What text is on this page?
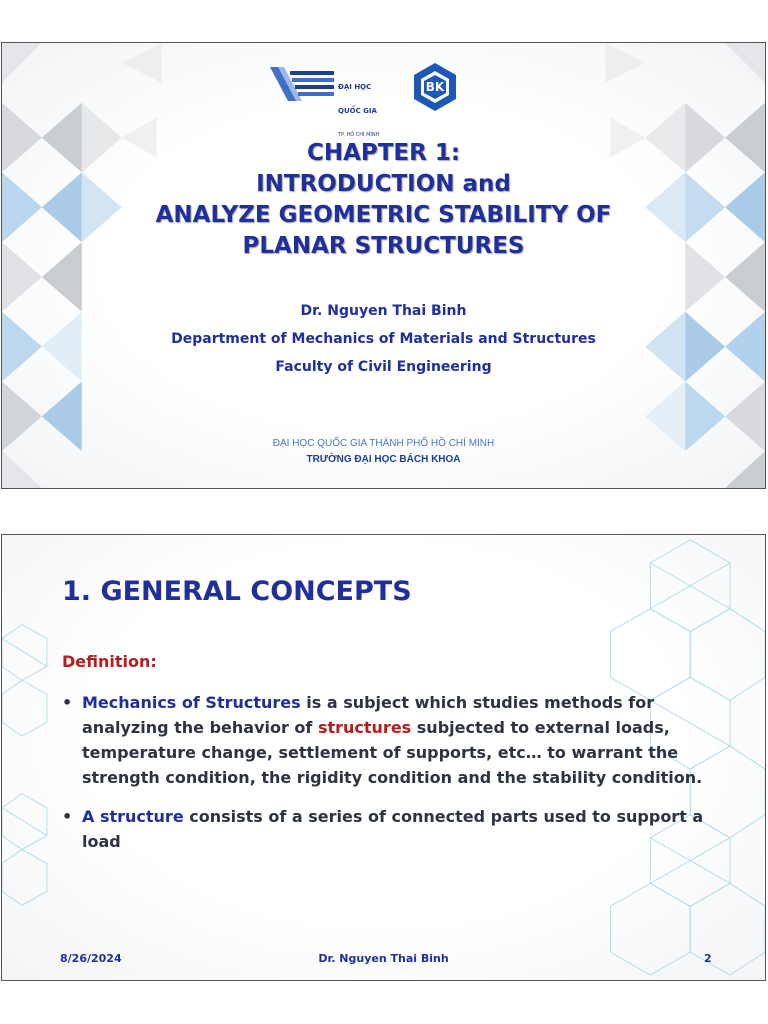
ĐẠI HỌC

QUỐC GIA

TP. HỒ CHÍ MINH

BK
CHAPTER 1:
INTRODUCTION and
ANALYZE GEOMETRIC STABILITY OF
PLANAR STRUCTURES
Dr. Nguyen Thai Binh
Department of Mechanics of Materials and Structures
Faculty of Civil Engineering
ĐẠI HỌC QUỐC GIA THÀNH PHỐ HỒ CHÍ MINH
TRƯỜNG ĐẠI HỌC BÁCH KHOA
1. GENERAL CONCEPTS
Definition:
• Mechanics of Structures is a subject which studies methods for analyzing the behavior of structures subjected to external loads, temperature change, settlement of supports, etc… to warrant the strength condition, the rigidity condition and the stability condition.
• A structure consists of a series of connected parts used to support a load
8/26/2024	Dr. Nguyen Thai Binh	2
